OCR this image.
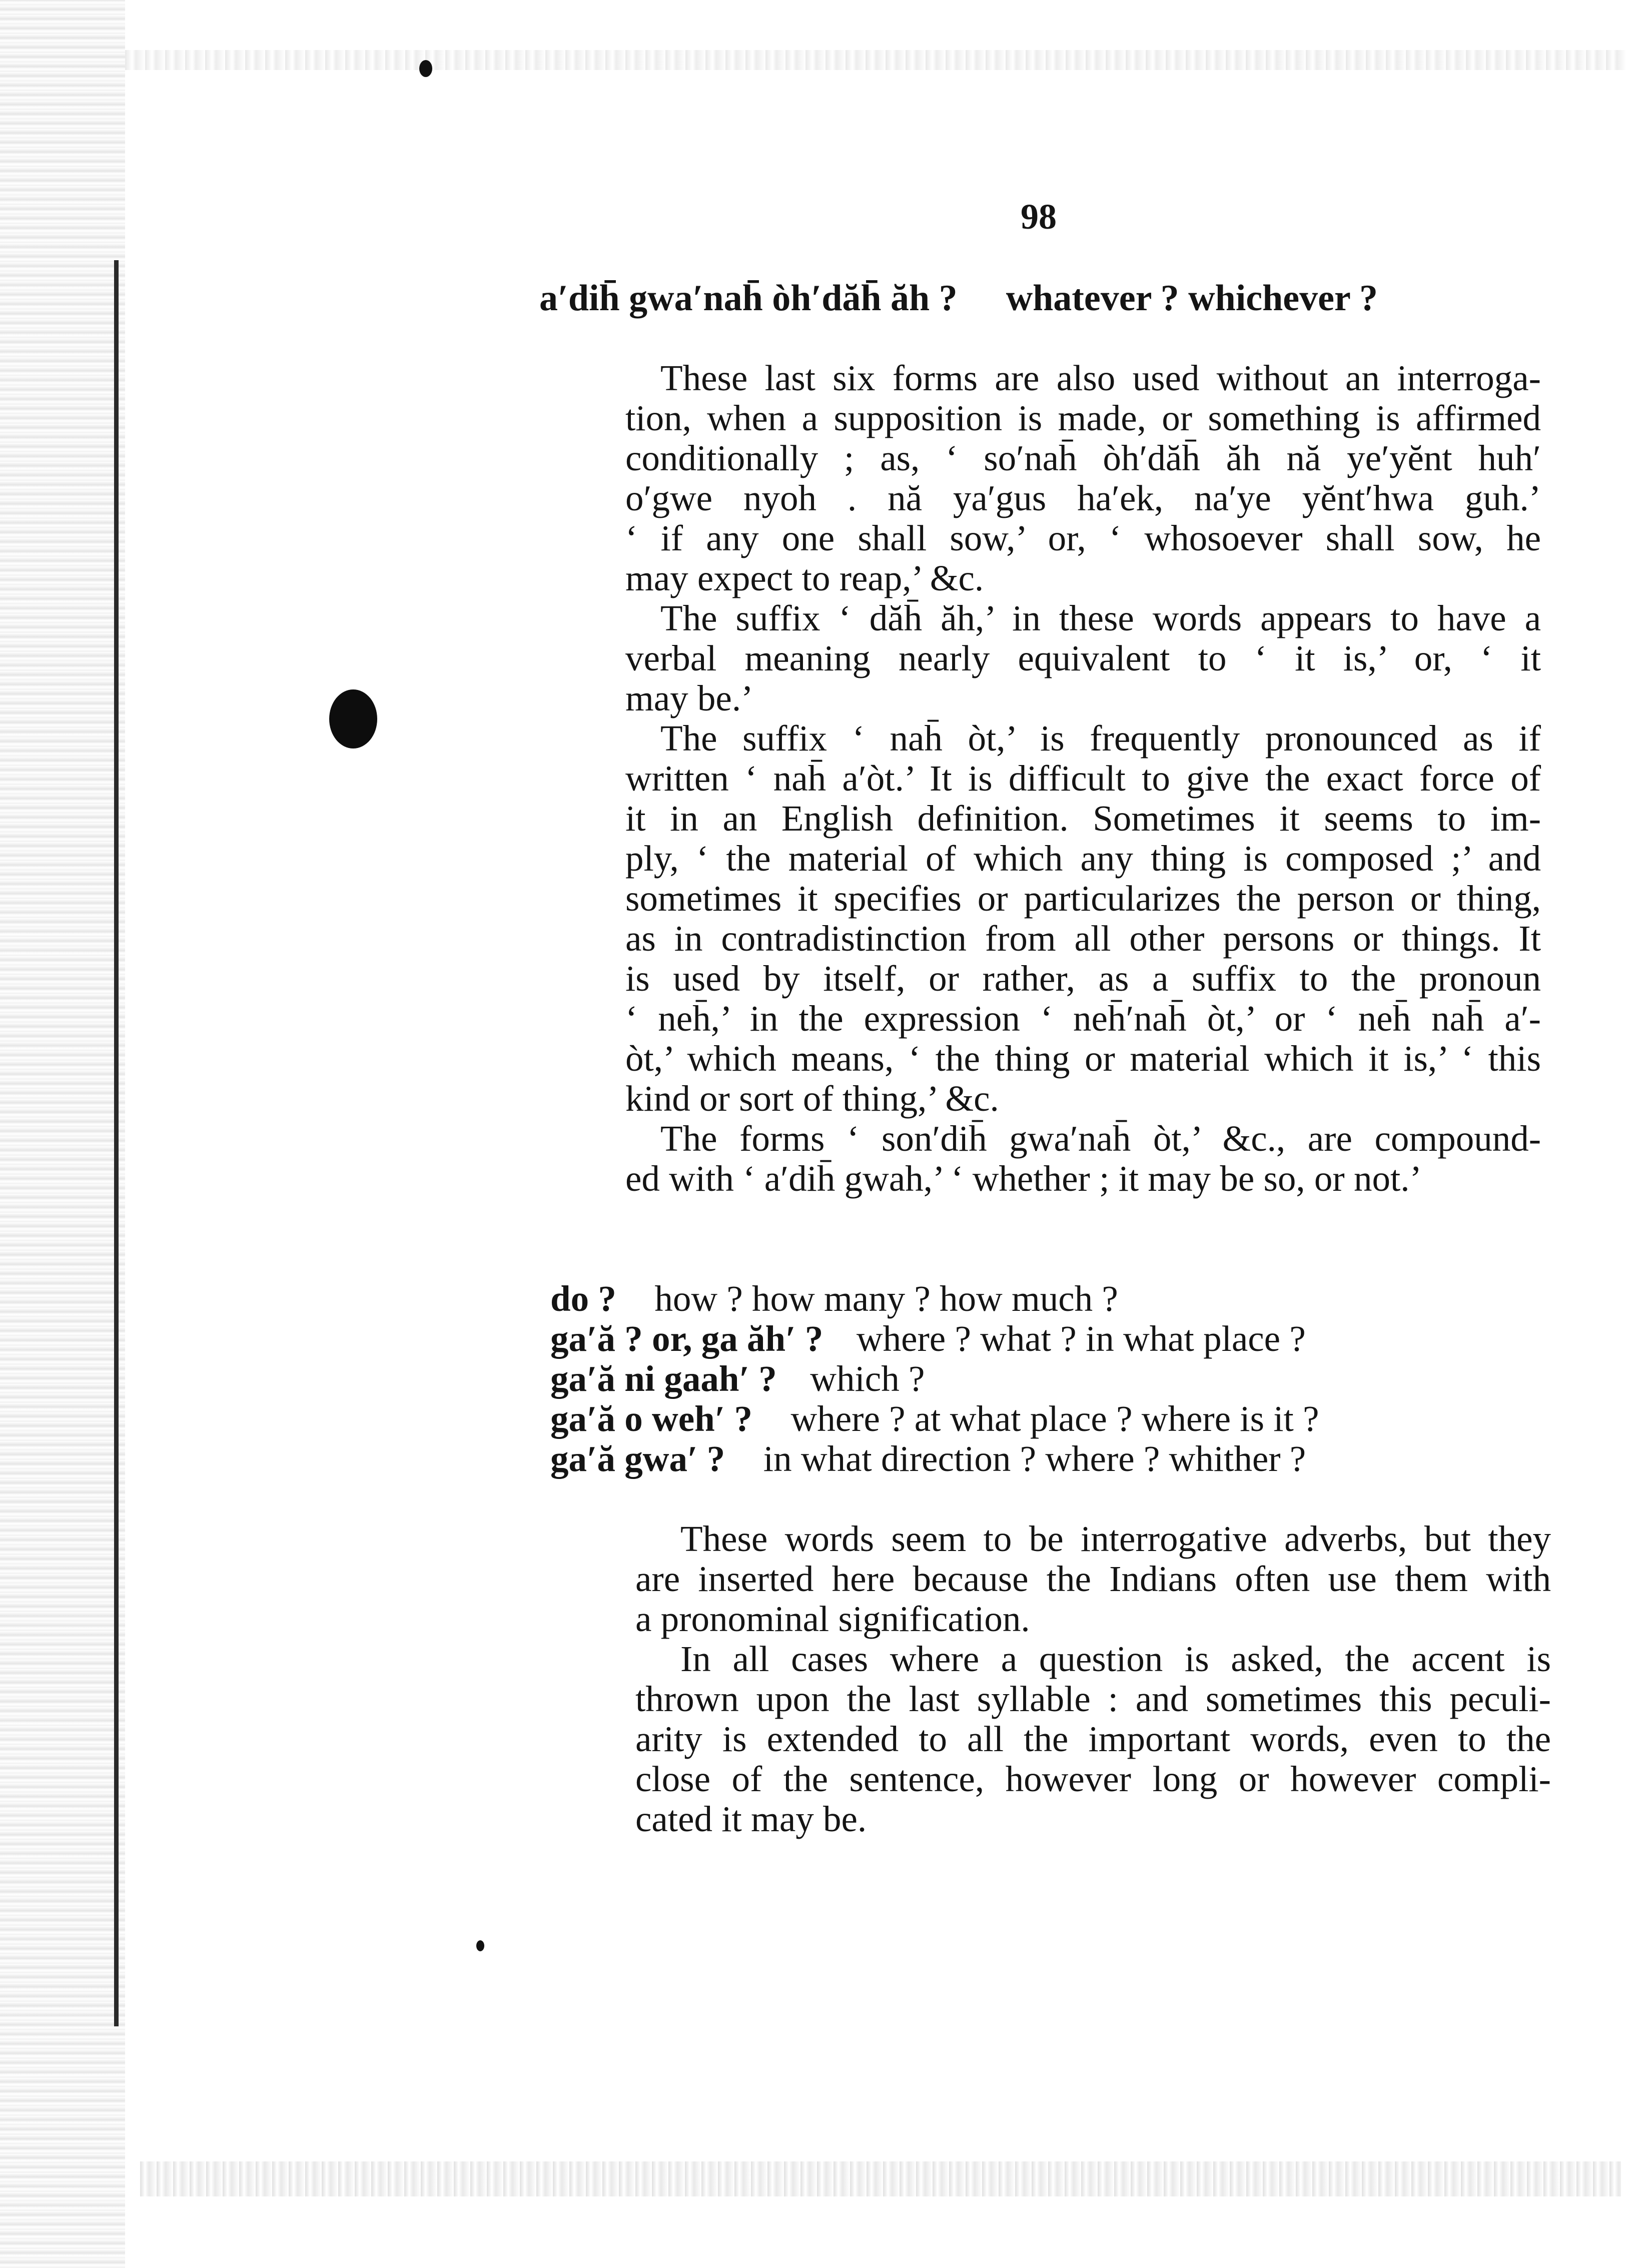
98
a′dih̄ gwa′nah̄ òh′dăh̄ ăh ? whatever ? whichever ?
These last six forms are also used without an interroga-
tion, when a supposition is made, or something is affirmed
conditionally ; as, ‘ so′nah̄ òh′dăh̄ ăh nă ye′yĕnt huh′
o′gwe nyoh . nă ya′gus ha′ek, na′ye yĕnt′hwa guh.’
‘ if any one shall sow,’ or, ‘ whosoever shall sow, he
may expect to reap,’ &c.
The suffix ‘ dăh̄ ăh,’ in these words appears to have a
verbal meaning nearly equivalent to ‘ it is,’ or, ‘ it
may be.’
The suffix ‘ nah̄ òt,’ is frequently pronounced as if
written ‘ nah̄ a′òt.’ It is difficult to give the exact force of
it in an English definition. Sometimes it seems to im-
ply, ‘ the material of which any thing is composed ;’ and
sometimes it specifies or particularizes the person or thing,
as in contradistinction from all other persons or things. It
is used by itself, or rather, as a suffix to the pronoun
‘ neh̄,’ in the expression ‘ neh̄′nah̄ òt,’ or ‘ neh̄ nah̄ a′-
òt,’ which means, ‘ the thing or material which it is,’ ‘ this
kind or sort of thing,’ &c.
The forms ‘ son′dih̄ gwa′nah̄ òt,’ &c., are compound-
ed with ‘ a′dih̄ gwah,’ ‘ whether ; it may be so, or not.’
do ? how ? how many ? how much ?
ga′ă ? or, ga ăh′ ? where ? what ? in what place ?
ga′ă ni gaah′ ? which ?
ga′ă o weh′ ? where ? at what place ? where is it ?
ga′ă gwa′ ? in what direction ? where ? whither ?
These words seem to be interrogative adverbs, but they
are inserted here because the Indians often use them with
a pronominal signification.
In all cases where a question is asked, the accent is
thrown upon the last syllable : and sometimes this peculi-
arity is extended to all the important words, even to the
close of the sentence, however long or however compli-
cated it may be.
